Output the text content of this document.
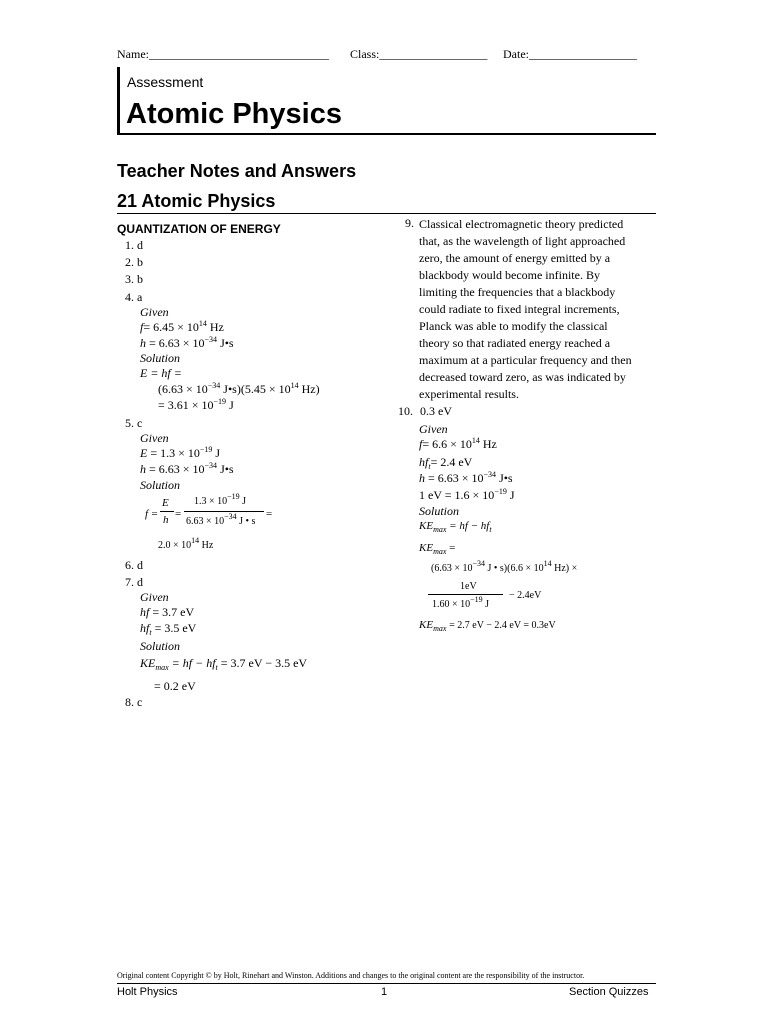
Name:______________________________ Class:__________________ Date:__________________
Assessment
Atomic Physics
Teacher Notes and Answers
21 Atomic Physics
QUANTIZATION OF ENERGY
1. d
2. b
3. b
4. a
Given
$f= 6.45 \times 10^{14}$ Hz
$h = 6.63 \times 10^{-34}$ J•s
Solution
E = hf =
($6.63 \times 10^{-34}$ J•s)(5.45 × $10^{14}$ Hz)
= $3.61 \times 10^{-19}$ J
5. c
Given
$E = 1.3 \times 10^{-19}$ J
$h = 6.63 \times 10^{-34}$ J•s
Solution
f =
E
h =
$1.3 \times 10^{-19}$ J
$6.63 \times 10^{-34}$ J • s
=
$2.0 \times 10^{14}$ Hz
6. d
7. d
Given
hf = 3.7 eV
$hf_t = 3.5$ eV
Solution
$KE_{max}$ = hf − $hf_t = 3.7$ eV − 3.5 eV
= 0.2 eV
8. c
9. Classical electromagnetic theory predicted
that, as the wavelength of light approached
zero, the amount of energy emitted by a
blackbody would become infinite. By
limiting the frequencies that a blackbody
could radiate to fixed integral increments,
Planck was able to modify the classical
theory so that radiated energy reached a
maximum at a particular frequency and then
decreased toward zero, as was indicated by
experimental results.
10. 0.3 eV
Given
$f= 6.6 \times 10^{14}$ Hz
$hf_t= 2.4$ eV
$h = 6.63 \times 10^{-34}$ J•s
1 eV = $1.6 \times 10^{-19}$ J
Solution
$KE_{max}$ = hf − $hf_t$
$KE_{max}$ =
($6.63 \times 10^{-34}$ J • $s)(6.6 \times 10^{14}$ Hz) ×
1eV
$1.60 \times 10^{-19}$ J
− 2.4eV
$KE_{max} = 2.7$ eV − 2.4 eV = 0.3eV
Original content Copyright © by Holt, Rinehart and Winston. Additions and changes to the original content are the responsibility of the instructor.
Holt Physics	1	Section Quizzes
